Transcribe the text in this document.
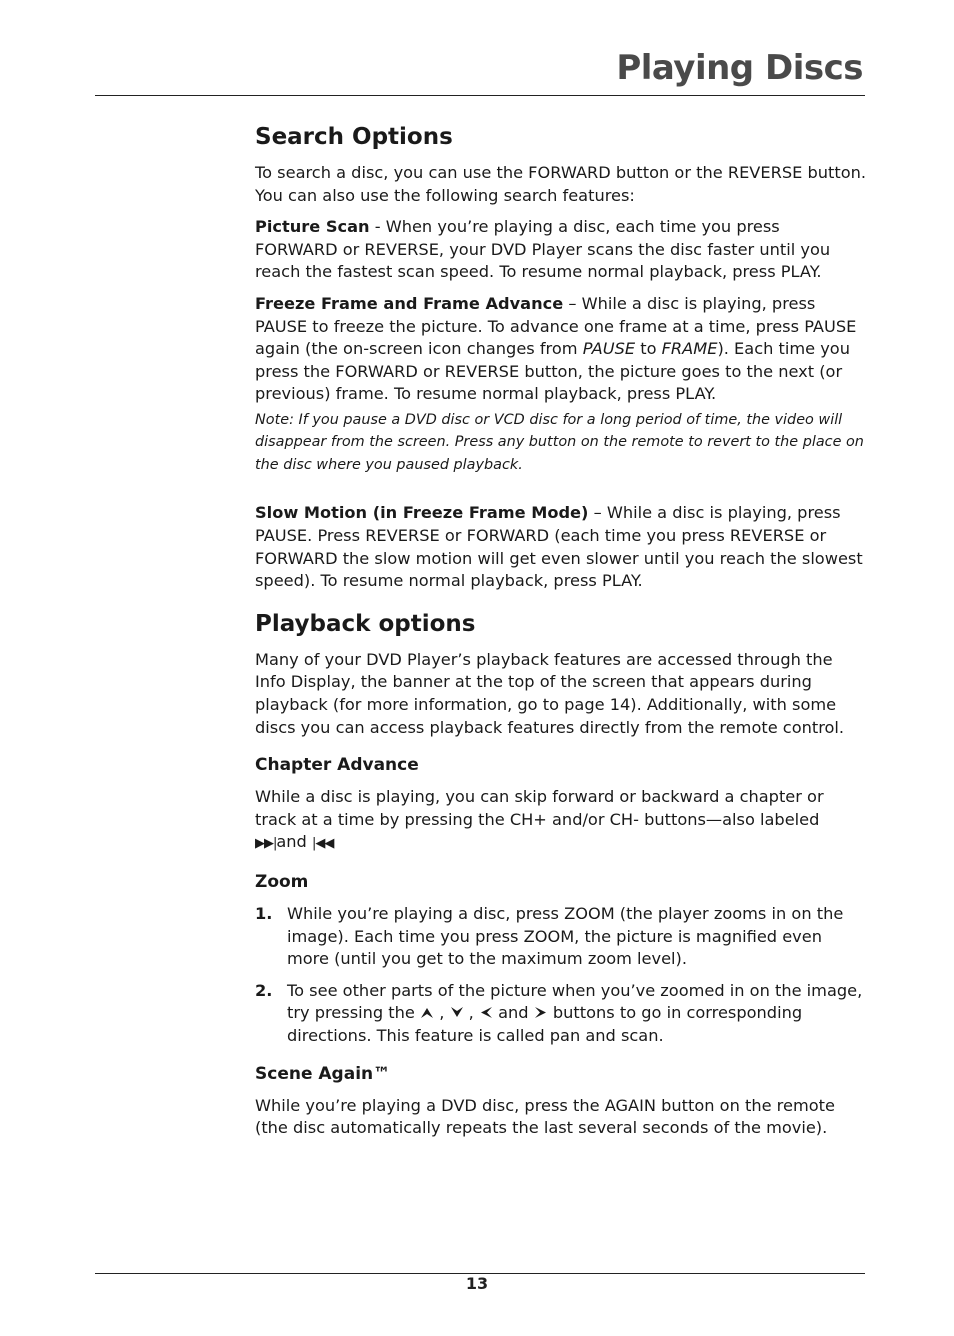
Playing Discs
Search Options

To search a disc, you can use the FORWARD button or the REVERSE button. You can also use the following search features:

Picture Scan - When you’re playing a disc, each time you press FORWARD or REVERSE, your DVD Player scans the disc faster until you reach the fastest scan speed. To resume normal playback, press PLAY.

Freeze Frame and Frame Advance – While a disc is playing, press PAUSE to freeze the picture. To advance one frame at a time, press PAUSE again (the on-screen icon changes from PAUSE to FRAME). Each time you press the FORWARD or REVERSE button, the picture goes to the next (or previous) frame. To resume normal playback, press PLAY.

Note: If you pause a DVD disc or VCD disc for a long period of time, the video will disappear from the screen. Press any button on the remote to revert to the place on the disc where you paused playback.

Slow Motion (in Freeze Frame Mode) – While a disc is playing, press PAUSE. Press REVERSE or FORWARD (each time you press REVERSE or FORWARD the slow motion will get even slower until you reach the slowest speed). To resume normal playback, press PLAY.

Playback options

Many of your DVD Player’s playback features are accessed through the Info Display, the banner at the top of the screen that appears during playback (for more information, go to page 14). Additionally, with some discs you can access playback features directly from the remote control.

Chapter Advance

While a disc is playing, you can skip forward or backward a chapter or track at a time by pressing the CH+ and/or CH- buttons—also labeled ▶▶|and |◀◀

Zoom
1. While you’re playing a disc, press ZOOM (the player zooms in on the image). Each time you press ZOOM, the picture is magnified even more (until you get to the maximum zoom level).
2. To see other parts of the picture when you’ve zoomed in on the image, try pressing the  , , and  buttons to go in corresponding directions. This feature is called pan and scan.
Scene Again™

While you’re playing a DVD disc, press the AGAIN button on the remote (the disc automatically repeats the last several seconds of the movie).

13
